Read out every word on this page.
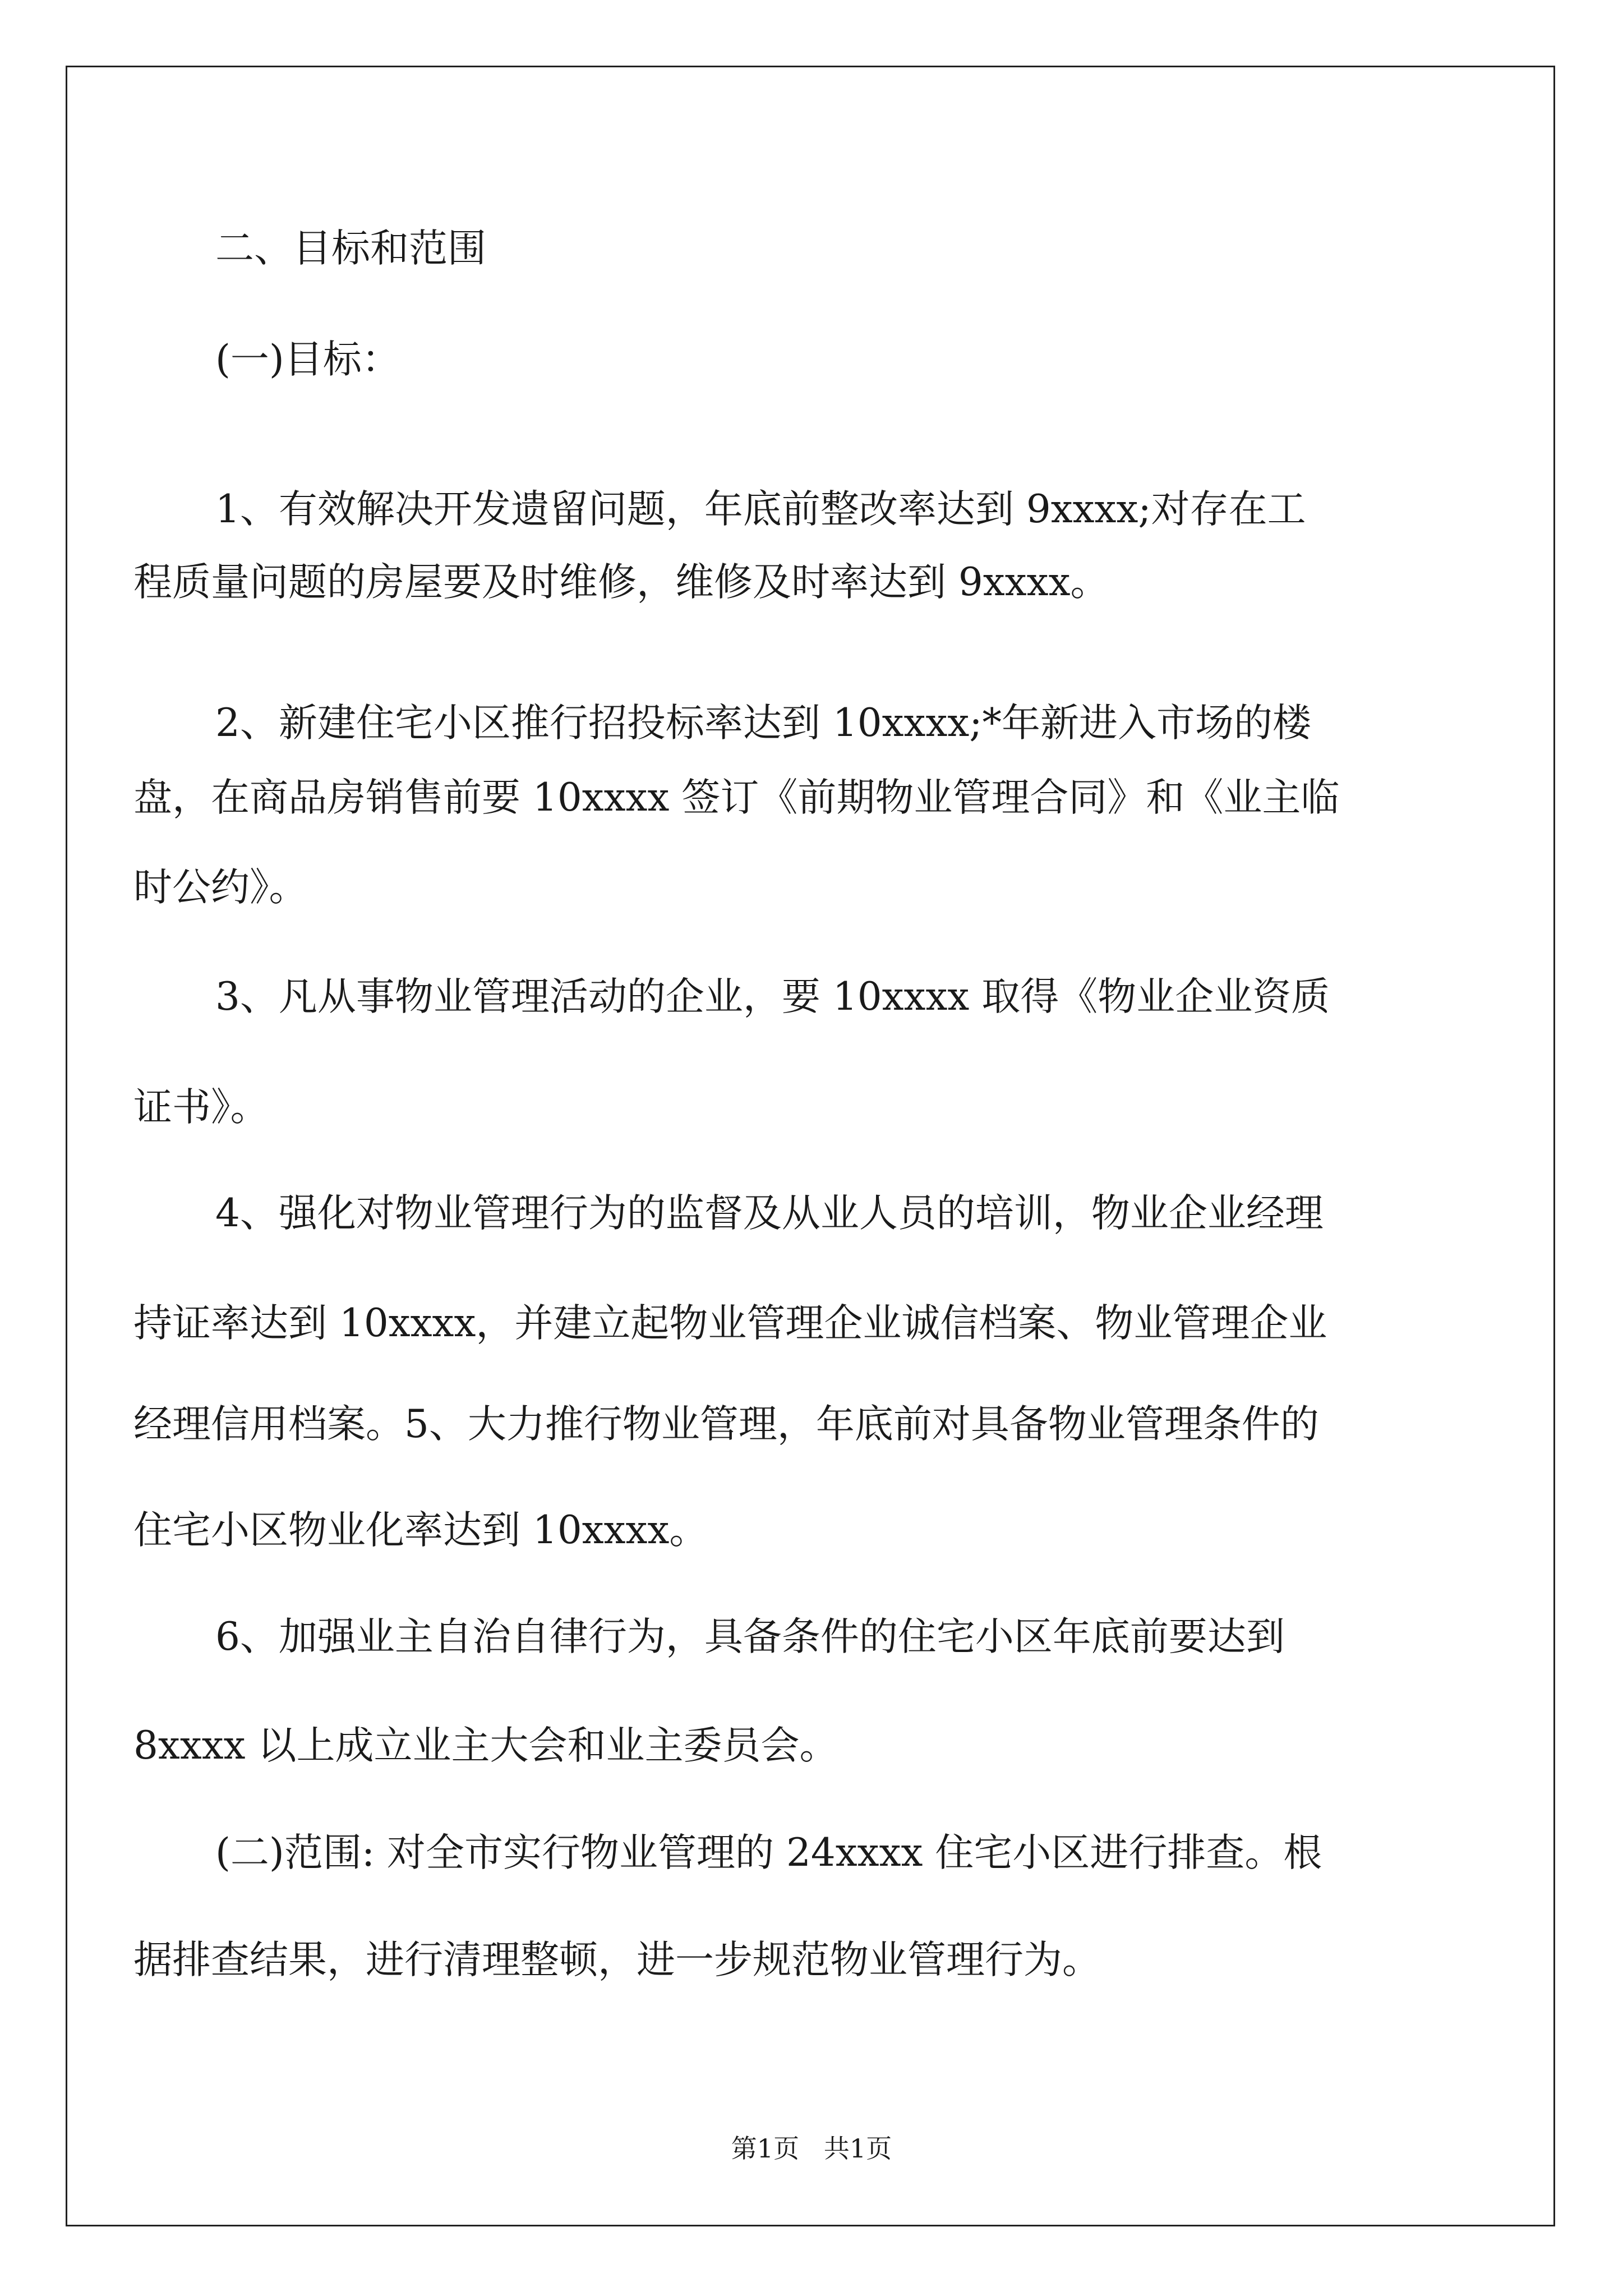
二、目标和范围

(一)目标：

1、有效解决开发遗留问题，年底前整改率达到 9xxxx;对存在工

程质量问题的房屋要及时维修，维修及时率达到 9xxxx。

2、新建住宅小区推行招投标率达到 10xxxx;*年新进入市场的楼

盘，在商品房销售前要 10xxxx 签订《前期物业管理合同》和《业主临

时公约》。

3、凡从事物业管理活动的企业，要 10xxxx 取得《物业企业资质

证书》。

4、强化对物业管理行为的监督及从业人员的培训，物业企业经理

持证率达到 10xxxx，并建立起物业管理企业诚信档案、物业管理企业

经理信用档案。5、大力推行物业管理，年底前对具备物业管理条件的

住宅小区物业化率达到 10xxxx。

6、加强业主自治自律行为，具备条件的住宅小区年底前要达到

8xxxx 以上成立业主大会和业主委员会。

(二)范围: 对全市实行物业管理的 24xxxx 住宅小区进行排查。根

据排查结果，进行清理整顿，进一步规范物业管理行为。

第1页   共1页
